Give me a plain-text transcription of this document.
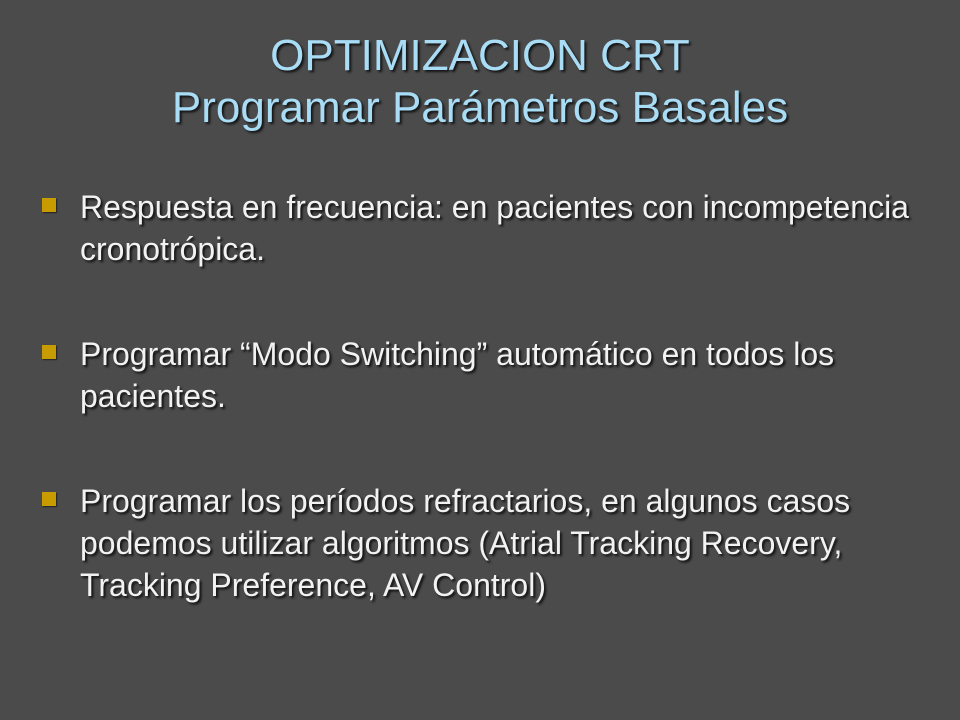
OPTIMIZACION CRT
Programar Parámetros Basales
Respuesta en frecuencia: en pacientes con incompetencia cronotrópica.
Programar “Modo Switching” automático en todos los pacientes.
Programar los períodos refractarios, en algunos casos podemos utilizar algoritmos (Atrial Tracking Recovery, Tracking Preference, AV Control)
